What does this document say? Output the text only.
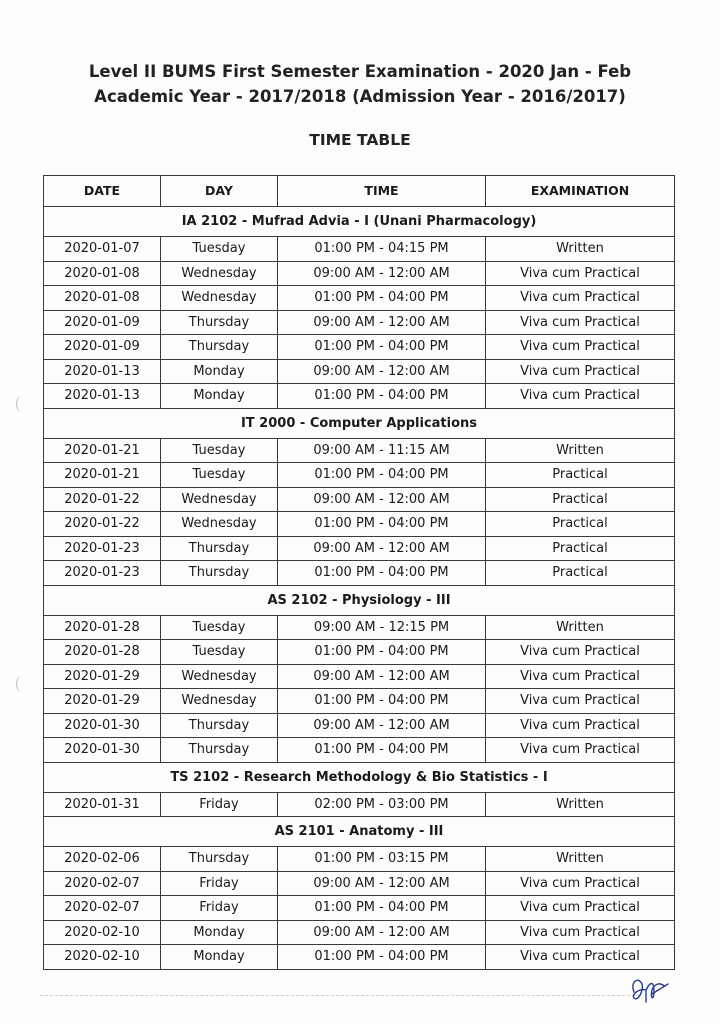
Level II BUMS First Semester Examination - 2020 Jan - Feb
Academic Year - 2017/2018 (Admission Year - 2016/2017)
TIME TABLE
DATE	DAY	TIME	EXAMINATION
IA 2102 - Mufrad Advia - I (Unani Pharmacology)			
2020-01-07	Tuesday	01:00 PM - 04:15 PM	Written
2020-01-08	Wednesday	09:00 AM - 12:00 AM	Viva cum Practical
2020-01-08	Wednesday	01:00 PM - 04:00 PM	Viva cum Practical
2020-01-09	Thursday	09:00 AM - 12:00 AM	Viva cum Practical
2020-01-09	Thursday	01:00 PM - 04:00 PM	Viva cum Practical
2020-01-13	Monday	09:00 AM - 12:00 AM	Viva cum Practical
2020-01-13	Monday	01:00 PM - 04:00 PM	Viva cum Practical
IT 2000 - Computer Applications			
2020-01-21	Tuesday	09:00 AM - 11:15 AM	Written
2020-01-21	Tuesday	01:00 PM - 04:00 PM	Practical
2020-01-22	Wednesday	09:00 AM - 12:00 AM	Practical
2020-01-22	Wednesday	01:00 PM - 04:00 PM	Practical
2020-01-23	Thursday	09:00 AM - 12:00 AM	Practical
2020-01-23	Thursday	01:00 PM - 04:00 PM	Practical
AS 2102 - Physiology - III			
2020-01-28	Tuesday	09:00 AM - 12:15 PM	Written
2020-01-28	Tuesday	01:00 PM - 04:00 PM	Viva cum Practical
2020-01-29	Wednesday	09:00 AM - 12:00 AM	Viva cum Practical
2020-01-29	Wednesday	01:00 PM - 04:00 PM	Viva cum Practical
2020-01-30	Thursday	09:00 AM - 12:00 AM	Viva cum Practical
2020-01-30	Thursday	01:00 PM - 04:00 PM	Viva cum Practical
TS 2102 - Research Methodology & Bio Statistics - I			
2020-01-31	Friday	02:00 PM - 03:00 PM	Written
AS 2101 - Anatomy - III			
2020-02-06	Thursday	01:00 PM - 03:15 PM	Written
2020-02-07	Friday	09:00 AM - 12:00 AM	Viva cum Practical
2020-02-07	Friday	01:00 PM - 04:00 PM	Viva cum Practical
2020-02-10	Monday	09:00 AM - 12:00 AM	Viva cum Practical
2020-02-10	Monday	01:00 PM - 04:00 PM	Viva cum Practical
